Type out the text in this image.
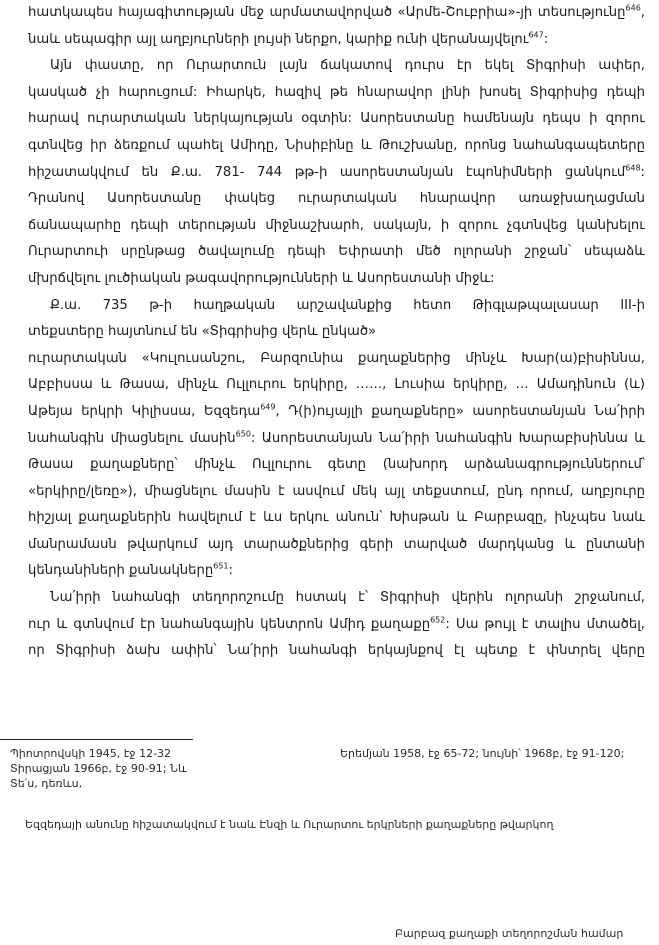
հատկապես հայագիտության մեջ արմատավորված «Արմե-Շուբրիա»-յի տեսությունը$^{646}$,
նաև սեպագիր այլ աղբյուրների լույսի ներքո, կարիք ունի վերանայվելու$^{647}$:
Այն փաստը, որ Ուրարտուն լայն ճակատով դուրս էր եկել Տիգրիսի ափեր,
կասկած չի հարուցում: Իհարկե, հազիվ թե հնարավոր լինի խոսել Տիգրիսից դեպի
հարավ ուրարտական ներկայության օգտին: Ասորեստանը համենայն դեպս ի զորու
գտնվեց իր ձեռքում պահել Ամիդը, Նիսիբինը և Թուշխանը, որոնց նահանգապետերը
հիշատակվում են Ք.ա. 781- 744 թթ-ի ասորեստանյան էպոնիմների ցանկում$^{648}$:
Դրանով Ասորեստանը փակեց ուրարտական հնարավոր առաջխաղացման
ճանապարհը դեպի տերության միջնաշխարհ, սակայն, ի զորու չգտնվեց կանխելու
Ուրարտուի սրընթաց ծավալումը դեպի Եփրատի մեծ ոլորանի շրջան՝ սեպաձև
մխրճվելու լուծիական թագավորությունների և Ասորեստանի միջև:
Ք.ա. 735 թ-ի հաղթական արշավանքից հետո Թիգլաթպալասար III-ի
տեքստերը հայտնում են «Տիգրիսից վերև ընկած»
ուրարտական «Կուլուսանշու, Բարզունիա քաղաքներից մինչև Խար(ա)բիսիննա,
Աբբիսսա և Թասա, մինչև Ուլլուրու երկիրը, ……, Լուսիա երկիրը, … Ամադինուն (և)
Աթեյա երկրի Կիլիսսա, Եզզեդա$^{649}$, Դ(ի)ույայլի քաղաքները» ասորեստանյան Նա՛իրի
նահանգին միացնելու մասին$^{650}$: Ասորեստանյան Նա՛իրի նահանգին Խարաբիսիննա և
Թասա քաղաքները՝ մինչև Ուլլուրու գետը (նախորդ արձանագրություններում՝
«երկիրը/լեռը»), միացնելու մասին է ասվում մեկ այլ տեքստում, ընդ որում, աղբյուրը
հիշյալ քաղաքներին հավելում է ևս երկու անուն՝ Խիսթան և Բարբազը, ինչպես նաև
մանրամասն թվարկում այդ տարածքներից գերի տարված մարդկանց և ընտանի
կենդանիների քանակները$^{651}$:
Նա՛իրի նահանգի տեղորոշումը հստակ է՝ Տիգրիսի վերին ոլորանի շրջանում,
ուր և գտնվում էր նահանգային կենտրոն Ամիդ քաղաքը$^{652}$: Սա թույլ է տալիս մտածել,
որ Տիգրիսի ձախ ափին՝ Նա՛իրի նահանգի երկայնքով էլ պետք է փնտրել վերը
Պիոտրովսկի 1945, էջ 12-32 Տիրացյան 1966բ, էջ 90-91; Նև Տե՛ս, դեռևս,
Երեմյան 1958, էջ 65-72; նույնի՝ 1968բ, էջ 91-120;
Եզզեդայի անունը հիշատակվում է նաև Էնզի և Ուրարտու երկրների քաղաքները թվարկող
Բարբազ քաղաքի տեղորոշման համար
